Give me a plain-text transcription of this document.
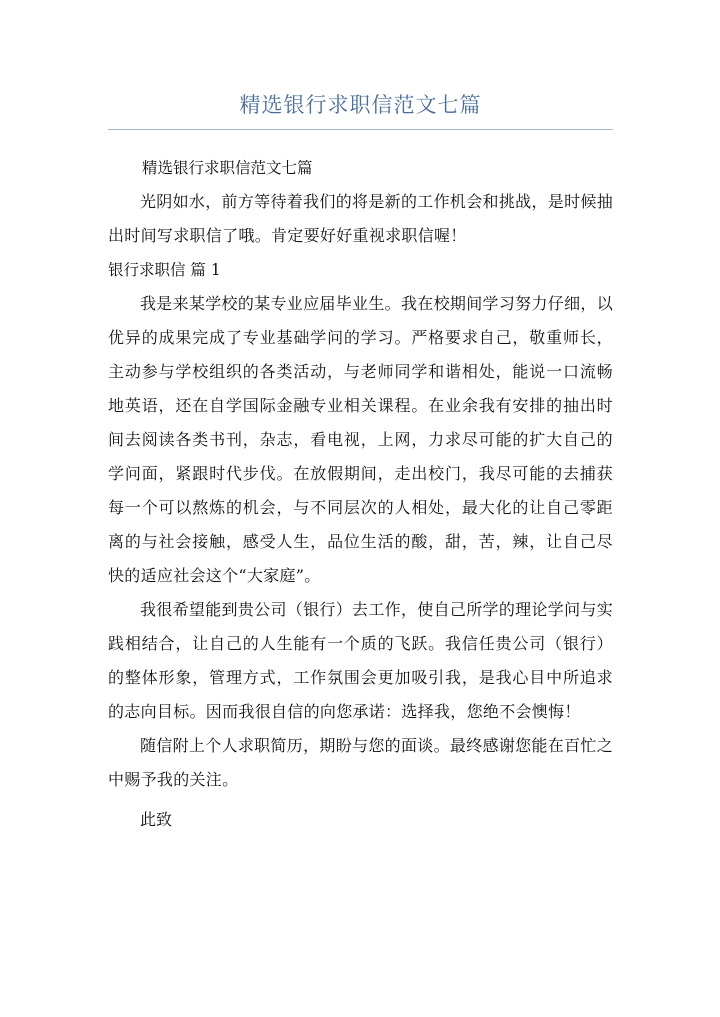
精选银行求职信范文七篇

精选银行求职信范文七篇

光阴如水，前方等待着我们的将是新的工作机会和挑战，是时候抽出时间写求职信了哦。肯定要好好重视求职信喔！

银行求职信 篇 1

我是来某学校的某专业应届毕业生。我在校期间学习努力仔细，以优异的成果完成了专业基础学问的学习。严格要求自己，敬重师长，主动参与学校组织的各类活动，与老师同学和谐相处，能说一口流畅地英语，还在自学国际金融专业相关课程。在业余我有安排的抽出时间去阅读各类书刊，杂志，看电视，上网，力求尽可能的扩大自己的学问面，紧跟时代步伐。在放假期间，走出校门，我尽可能的去捕获每一个可以熬炼的机会，与不同层次的人相处，最大化的让自己零距离的与社会接触，感受人生，品位生活的酸，甜，苦，辣，让自己尽快的适应社会这个“大家庭”。

我很希望能到贵公司（银行）去工作，使自己所学的理论学问与实践相结合，让自己的人生能有一个质的飞跃。我信任贵公司（银行）的整体形象，管理方式，工作氛围会更加吸引我，是我心目中所追求的志向目标。因而我很自信的向您承诺：选择我，您绝不会懊悔！

随信附上个人求职简历，期盼与您的面谈。最终感谢您能在百忙之中赐予我的关注。

此致
